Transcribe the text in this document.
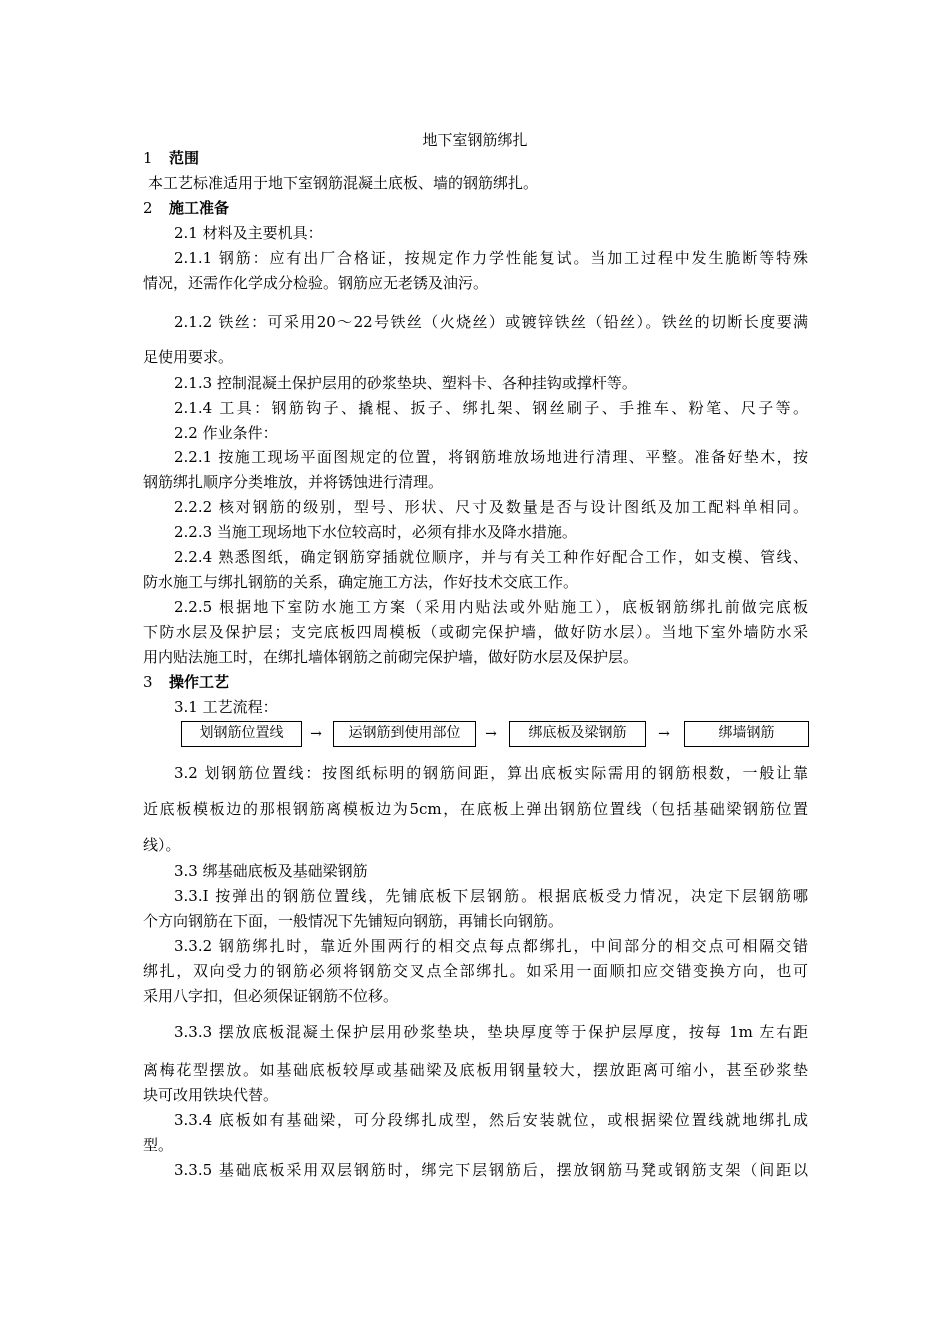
地下室钢筋绑扎
1 范围
本工艺标准适用于地下室钢筋混凝土底板、墙的钢筋绑扎。
2 施工准备
2.1 材料及主要机具：
2.1.1 钢筋：应有出厂合格证，按规定作力学性能复试。当加工过程中发生脆断等特殊
情况，还需作化学成分检验。钢筋应无老锈及油污。
2.1.2 铁丝：可采用20～22号铁丝（火烧丝）或镀锌铁丝（铅丝）。铁丝的切断长度要满
足使用要求。
2.1.3 控制混凝土保护层用的砂浆垫块、塑料卡、各种挂钩或撑杆等。
2.1.4 工具：钢筋钩子、撬棍、扳子、绑扎架、钢丝刷子、手推车、粉笔、尺子等。
2.2 作业条件：
2.2.1 按施工现场平面图规定的位置，将钢筋堆放场地进行清理、平整。准备好垫木，按
钢筋绑扎顺序分类堆放，并将锈蚀进行清理。
2.2.2 核对钢筋的级别，型号、形状、尺寸及数量是否与设计图纸及加工配料单相同。
2.2.3 当施工现场地下水位较高时，必须有排水及降水措施。
2.2.4 熟悉图纸，确定钢筋穿插就位顺序，并与有关工种作好配合工作，如支模、管线、
防水施工与绑扎钢筋的关系，确定施工方法，作好技术交底工作。
2.2.5 根据地下室防水施工方案（采用内贴法或外贴施工），底板钢筋绑扎前做完底板
下防水层及保护层；支完底板四周模板（或砌完保护墙，做好防水层）。当地下室外墙防水采
用内贴法施工时，在绑扎墙体钢筋之前砌完保护墙，做好防水层及保护层。
3 操作工艺
3.1 工艺流程：
划钢筋位置线	→	运钢筋到使用部位	→	绑底板及梁钢筋	→	绑墙钢筋
3.2 划钢筋位置线：按图纸标明的钢筋间距，算出底板实际需用的钢筋根数，一般让靠
近底板模板边的那根钢筋离模板边为5cm，在底板上弹出钢筋位置线（包括基础梁钢筋位置
线）。
3.3 绑基础底板及基础梁钢筋
3.3.I 按弹出的钢筋位置线，先铺底板下层钢筋。根据底板受力情况，决定下层钢筋哪
个方向钢筋在下面，一般情况下先铺短向钢筋，再铺长向钢筋。
3.3.2 钢筋绑扎时，靠近外围两行的相交点每点都绑扎，中间部分的相交点可相隔交错
绑扎，双向受力的钢筋必须将钢筋交叉点全部绑扎。如采用一面顺扣应交错变换方向，也可
采用八字扣，但必须保证钢筋不位移。
3.3.3 摆放底板混凝土保护层用砂浆垫块，垫块厚度等于保护层厚度，按每 1m 左右距
离梅花型摆放。如基础底板较厚或基础梁及底板用钢量较大，摆放距离可缩小，甚至砂浆垫
块可改用铁块代替。
3.3.4 底板如有基础梁，可分段绑扎成型，然后安装就位，或根据梁位置线就地绑扎成
型。
3.3.5 基础底板采用双层钢筋时，绑完下层钢筋后，摆放钢筋马凳或钢筋支架（间距以
